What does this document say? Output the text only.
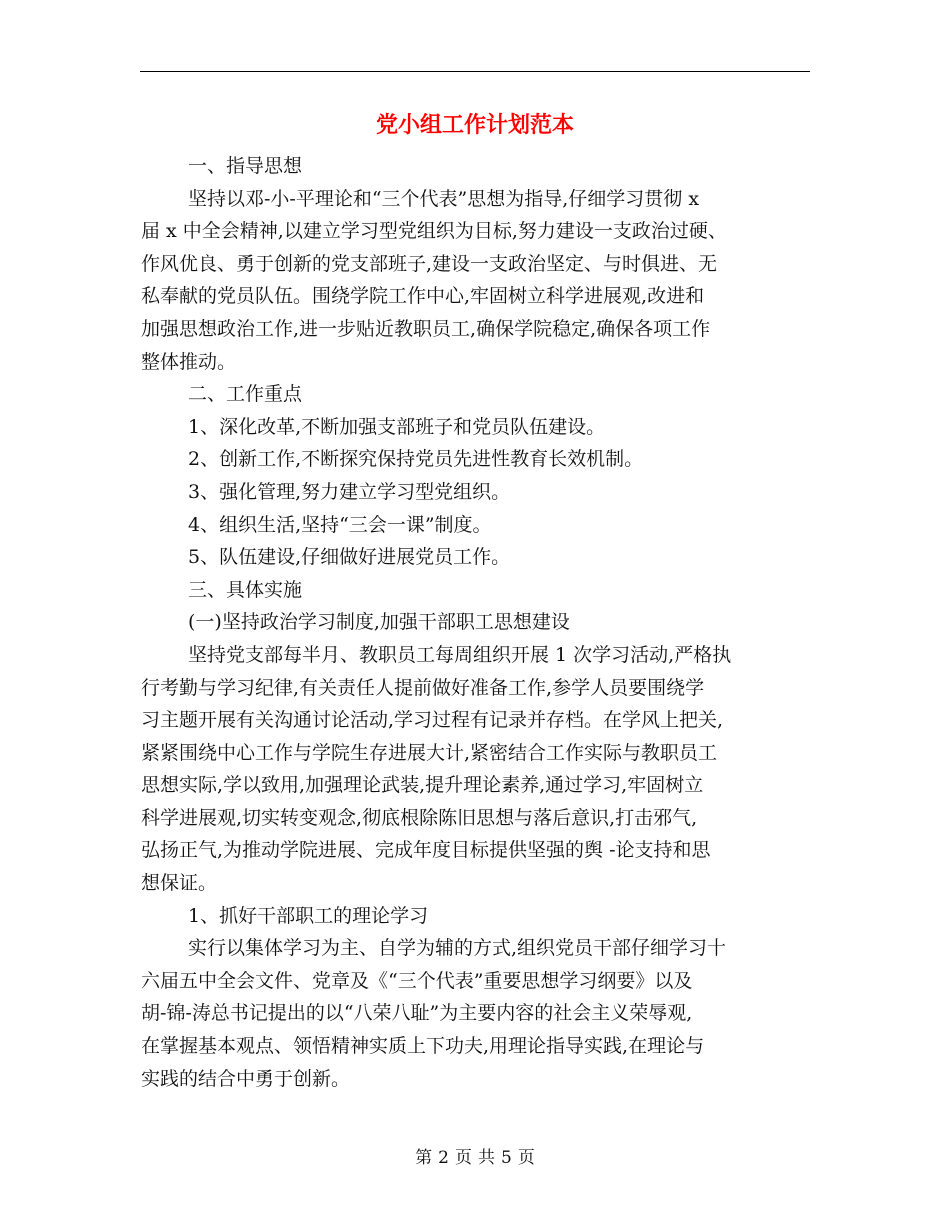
党小组工作计划范本
一、指导思想
坚持以邓-小-平理论和“三个代表”思想为指导,仔细学习贯彻 x
届 x 中全会精神,以建立学习型党组织为目标,努力建设一支政治过硬、
作风优良、勇于创新的党支部班子,建设一支政治坚定、与时俱进、无
私奉献的党员队伍。围绕学院工作中心,牢固树立科学进展观,改进和
加强思想政治工作,进一步贴近教职员工,确保学院稳定,确保各项工作
整体推动。
二、工作重点
1、深化改革,不断加强支部班子和党员队伍建设。
2、创新工作,不断探究保持党员先进性教育长效机制。
3、强化管理,努力建立学习型党组织。
4、组织生活,坚持“三会一课”制度。
5、队伍建设,仔细做好进展党员工作。
三、具体实施
(一)坚持政治学习制度,加强干部职工思想建设
坚持党支部每半月、教职员工每周组织开展 1 次学习活动,严格执
行考勤与学习纪律,有关责任人提前做好准备工作,参学人员要围绕学
习主题开展有关沟通讨论活动,学习过程有记录并存档。在学风上把关,
紧紧围绕中心工作与学院生存进展大计,紧密结合工作实际与教职员工
思想实际,学以致用,加强理论武装,提升理论素养,通过学习,牢固树立
科学进展观,切实转变观念,彻底根除陈旧思想与落后意识,打击邪气,
弘扬正气,为推动学院进展、完成年度目标提供坚强的舆 -论支持和思
想保证。
1、抓好干部职工的理论学习
实行以集体学习为主、自学为辅的方式,组织党员干部仔细学习十
六届五中全会文件、党章及《“三个代表”重要思想学习纲要》以及
胡-锦-涛总书记提出的以“八荣八耻”为主要内容的社会主义荣辱观,
在掌握基本观点、领悟精神实质上下功夫,用理论指导实践,在理论与
实践的结合中勇于创新。
第 2 页 共 5 页
